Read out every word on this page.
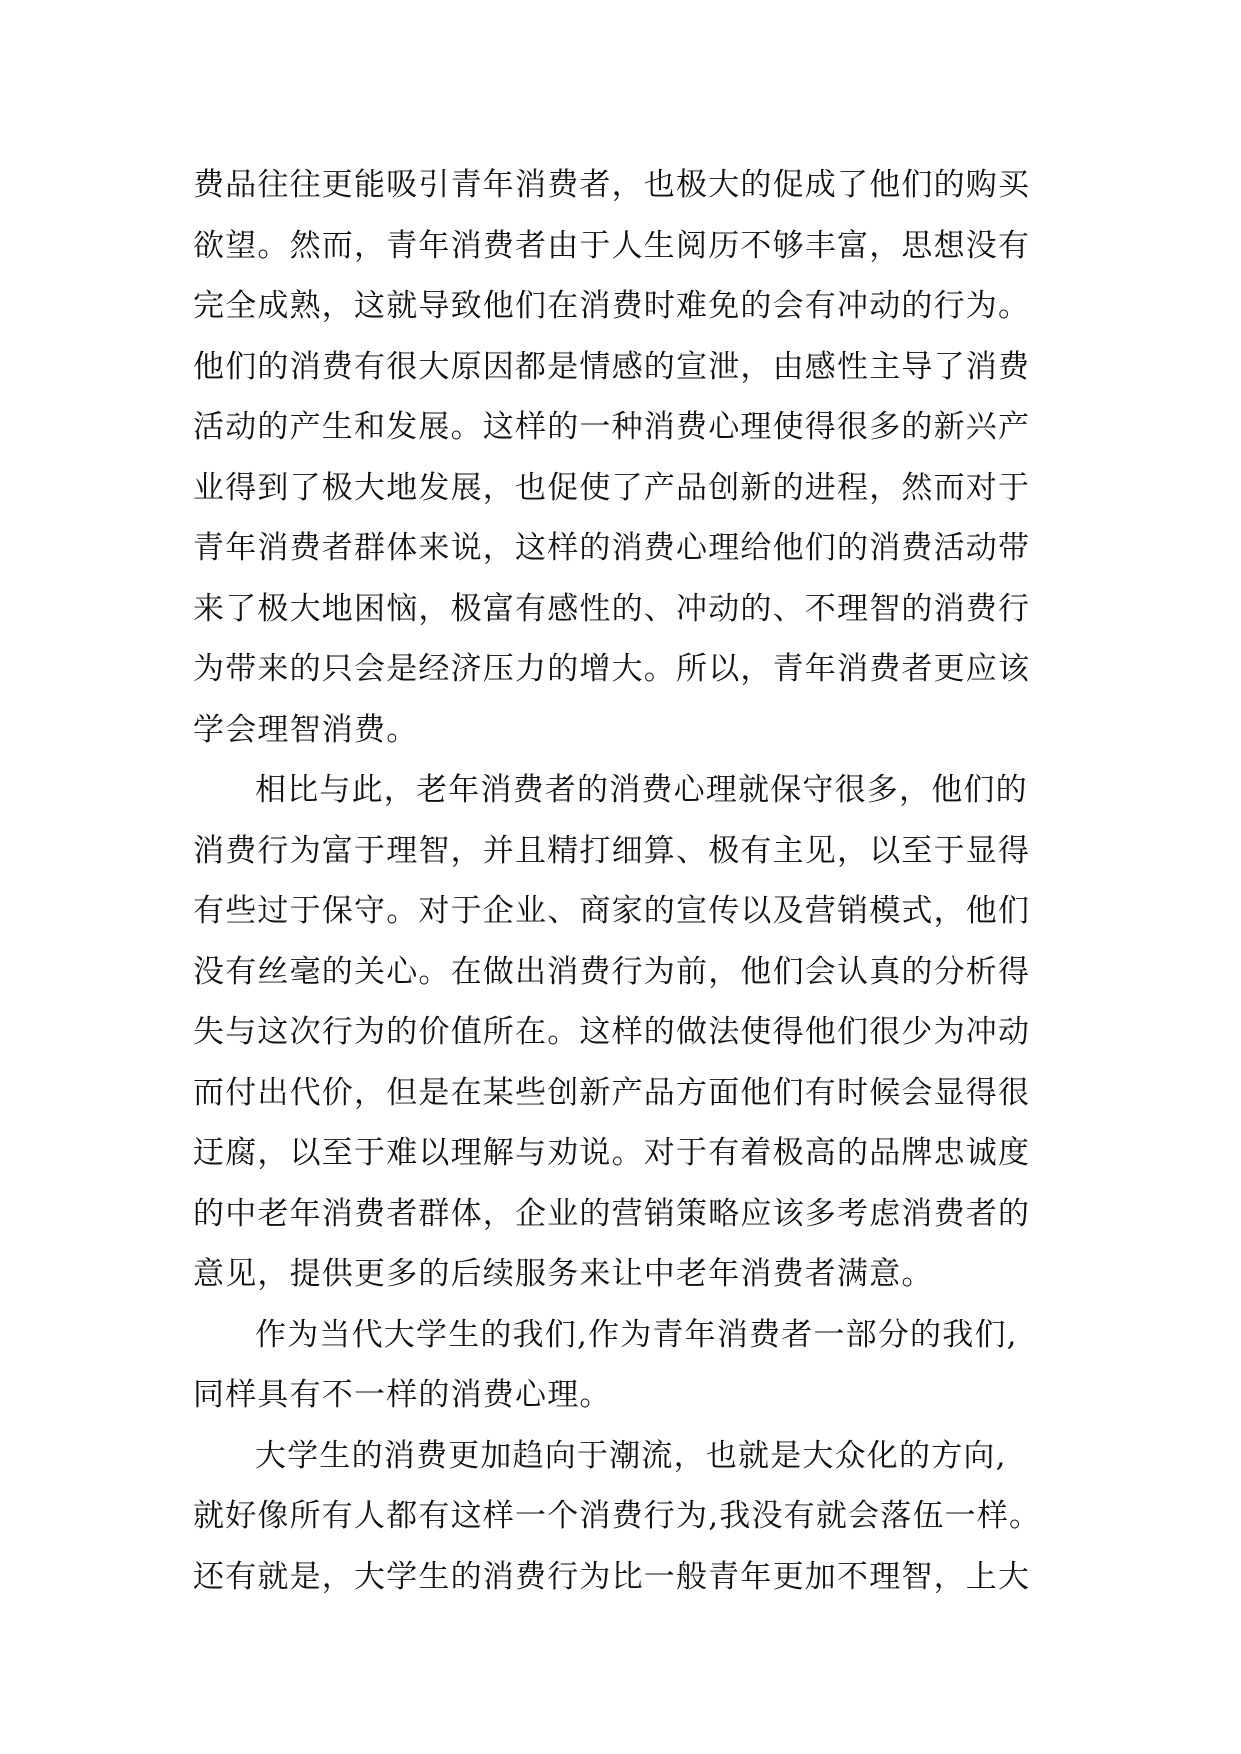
费品往往更能吸引青年消费者，也极大的促成了他们的购买
欲望。然而，青年消费者由于人生阅历不够丰富，思想没有
完全成熟，这就导致他们在消费时难免的会有冲动的行为。
他们的消费有很大原因都是情感的宣泄，由感性主导了消费
活动的产生和发展。这样的一种消费心理使得很多的新兴产
业得到了极大地发展，也促使了产品创新的进程，然而对于
青年消费者群体来说，这样的消费心理给他们的消费活动带
来了极大地困恼，极富有感性的、冲动的、不理智的消费行
为带来的只会是经济压力的增大。所以，青年消费者更应该
学会理智消费。
相比与此，老年消费者的消费心理就保守很多，他们的
消费行为富于理智，并且精打细算、极有主见，以至于显得
有些过于保守。对于企业、商家的宣传以及营销模式，他们
没有丝毫的关心。在做出消费行为前，他们会认真的分析得
失与这次行为的价值所在。这样的做法使得他们很少为冲动
而付出代价，但是在某些创新产品方面他们有时候会显得很
迂腐，以至于难以理解与劝说。对于有着极高的品牌忠诚度
的中老年消费者群体，企业的营销策略应该多考虑消费者的
意见，提供更多的后续服务来让中老年消费者满意。
作为当代大学生的我们,作为青年消费者一部分的我们,
同样具有不一样的消费心理。
大学生的消费更加趋向于潮流，也就是大众化的方向,
就好像所有人都有这样一个消费行为,我没有就会落伍一样。
还有就是，大学生的消费行为比一般青年更加不理智，上大
